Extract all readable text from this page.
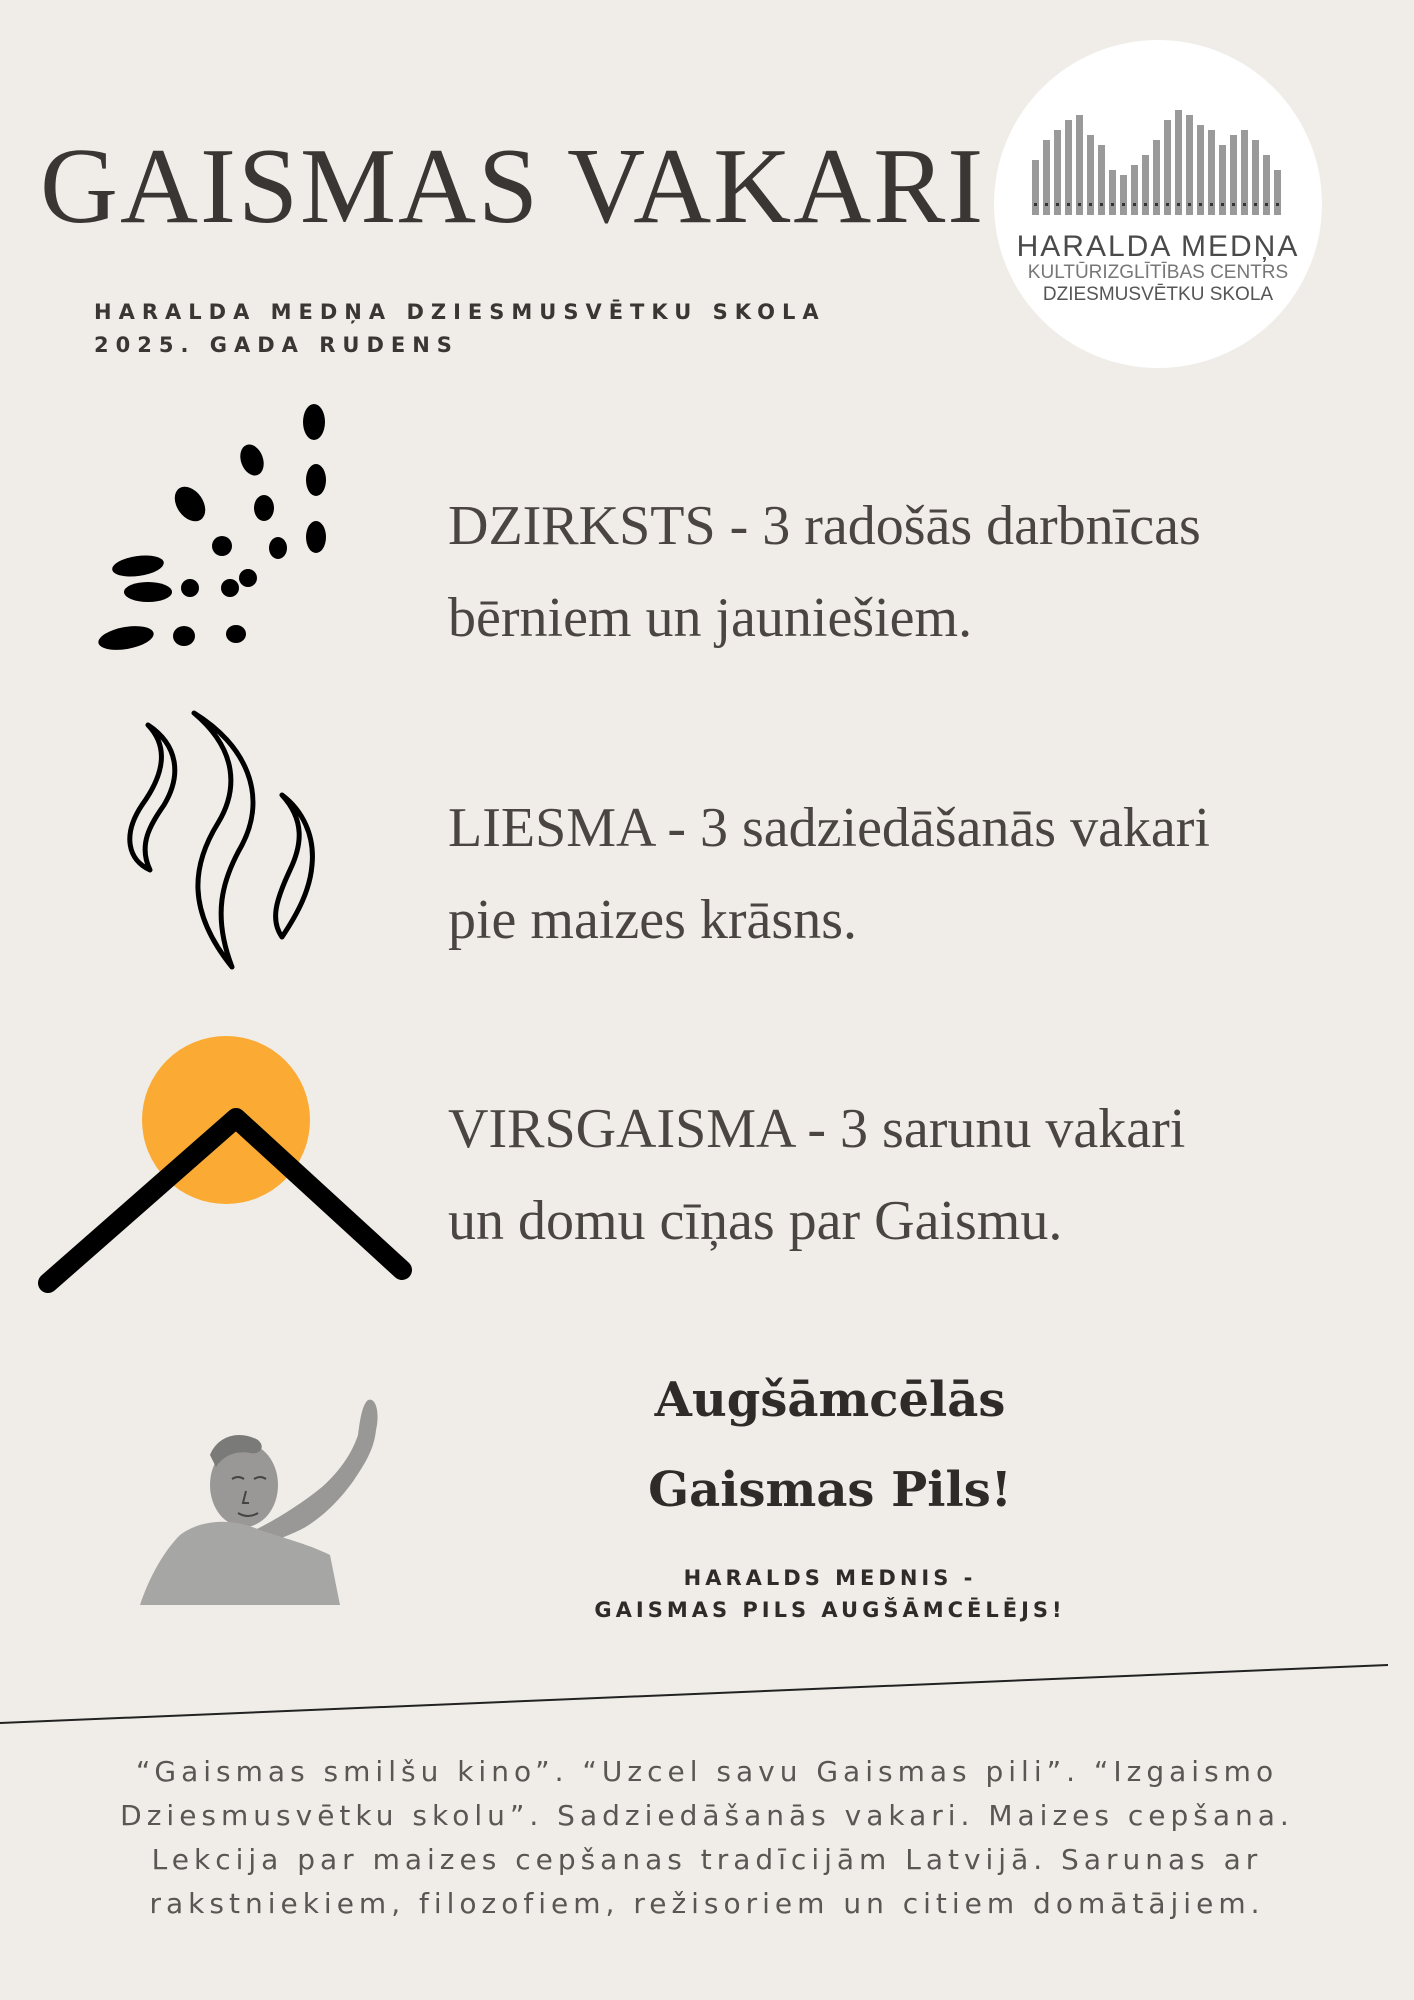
GAISMAS VAKARI
HARALDA MEDŅA DZIESMUSVĒTKU SKOLA
2025. GADA RUDENS
HARALDA MEDŅA
KULTŪRIZGLĪTĪBAS CENTRS
DZIESMUSVĒTKU SKOLA
DZIRKSTS - 3 radošās darbnīcas
bērniem un jauniešiem.
LIESMA - 3 sadziedāšanās vakari
pie maizes krāsns.
VIRSGAISMA - 3 sarunu vakari
un domu cīņas par Gaismu.
Augšāmcēlās
Gaismas Pils!
HARALDS MEDNIS -
GAISMAS PILS AUGŠĀMCĒLĒJS!
“Gaismas smilšu kino”. “Uzcel savu Gaismas pili”. “Izgaismo Dziesmusvētku skolu”. Sadziedāšanās vakari. Maizes cepšana. Lekcija par maizes cepšanas tradīcijām Latvijā. Sarunas ar rakstniekiem, filozofiem, režisoriem un citiem domātājiem.
